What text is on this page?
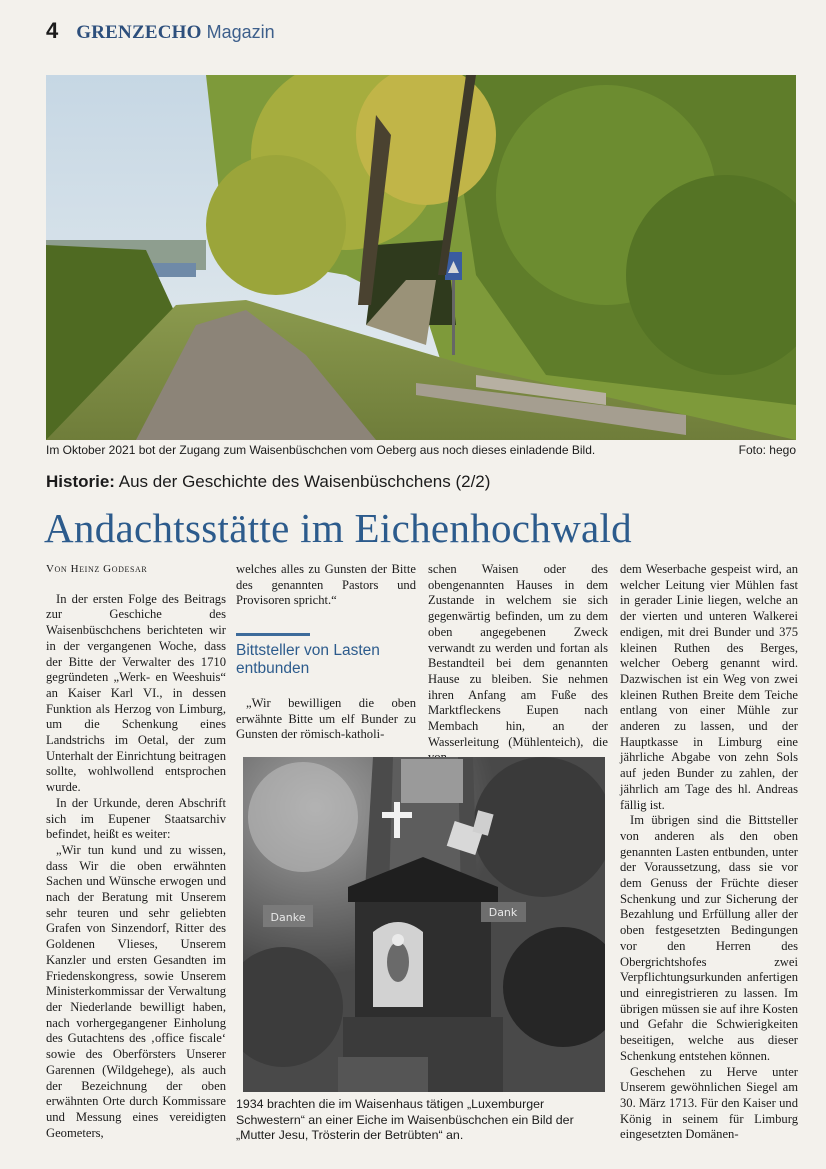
4 GRENZECHO Magazin
Im Oktober 2021 bot der Zugang zum Waisenbüschchen vom Oeberg aus noch dieses einladende Bild.	Foto: hego
Historie: Aus der Geschichte des Waisenbüschchens (2/2)
Andachtsstätte im Eichenhochwald

Von Heinz Godesar

In der ersten Folge des Beitrags zur Geschiche des Waisenbüschchens berichteten wir in der vergangenen Woche, dass der Bitte der Verwalter des 1710 gegründeten „Werk- en Weeshuis“ an Kaiser Karl VI., in dessen Funktion als Herzog von Limburg, um die Schenkung eines Landstrichs im Oetal, der zum Unterhalt der Einrichtung beitragen sollte, wohlwollend entsprochen wurde.

In der Urkunde, deren Abschrift sich im Eupener Staatsarchiv befindet, heißt es weiter:

„Wir tun kund und zu wissen, dass Wir die oben erwähnten Sachen und Wünsche erwogen und nach der Beratung mit Unserem sehr teuren und sehr geliebten Grafen von Sinzendorf, Ritter des Goldenen Vlieses, Unserem Kanzler und ersten Gesandten im Friedenskongress, sowie Unserem Ministerkommissar der Verwaltung der Niederlande bewilligt haben, nach vorhergegangener Einholung des Gutachtens des ‚office fiscale‘ sowie des Oberförsters Unserer Garennen (Wildgehege), als auch der Bezeichnung der oben erwähnten Orte durch Kommissare und Messung eines vereidigten Geometers,

welches alles zu Gunsten der Bitte des genannten Pastors und Provisoren spricht.“

Bittsteller von Lasten entbunden

„Wir bewilligen die oben erwähnte Bitte um elf Bunder zu Gunsten der römisch-katholi-

schen Waisen oder des obengenannten Hauses in dem Zustande in welchem sie sich gegenwärtig befinden, um zu dem oben angegebenen Zweck verwandt zu werden und fortan als Bestandteil bei dem genannten Hause zu bleiben. Sie nehmen ihren Anfang am Fuße des Marktfleckens Eupen nach Membach hin, an der Wasserleitung (Mühlenteich), die

dem Weserbache gespeist wird, an welcher Leitung vier Mühlen fast in gerader Linie liegen, welche an der vierten und unteren Walkerei endigen, mit drei Bunder und 375 kleinen Ruthen des Berges, welcher Oeberg genannt wird. Dazwischen ist ein Weg von zwei kleinen Ruthen Breite dem Teiche entlang von einer Mühle zur anderen zu lassen, und der Hauptkasse in Limburg eine jährliche Abgabe von zehn Sols auf jeden Bunder zu zahlen, der jährlich am Tage des hl. Andreas fällig ist.

Im übrigen sind die Bittsteller von anderen als den oben genannten Lasten entbunden, unter der Voraussetzung, dass sie vor dem Genuss der Früchte dieser Schenkung und zur Sicherung der Bezahlung und Erfüllung aller der oben festgesetzten Bedingungen vor den Herren des Obergrichtshofes zwei Verpflichtungsurkunden anfertigen und einregistrieren zu lassen. Im übrigen müssen sie auf ihre Kosten und Gefahr die Schwierigkeiten beseitigen, welche aus dieser Schenkung entstehen können.

Geschehen zu Herve unter Unserem gewöhnlichen Siegel am 30. März 1713. Für den Kaiser und König in seinem für Limburg eingesetzten Domänen-

Danke	Dank
1934 brachten die im Waisenhaus tätigen „Luxemburger Schwestern“ an einer Eiche im Waisenbüschchen ein Bild der „Mutter Jesu, Trösterin der Betrübten“ an.
